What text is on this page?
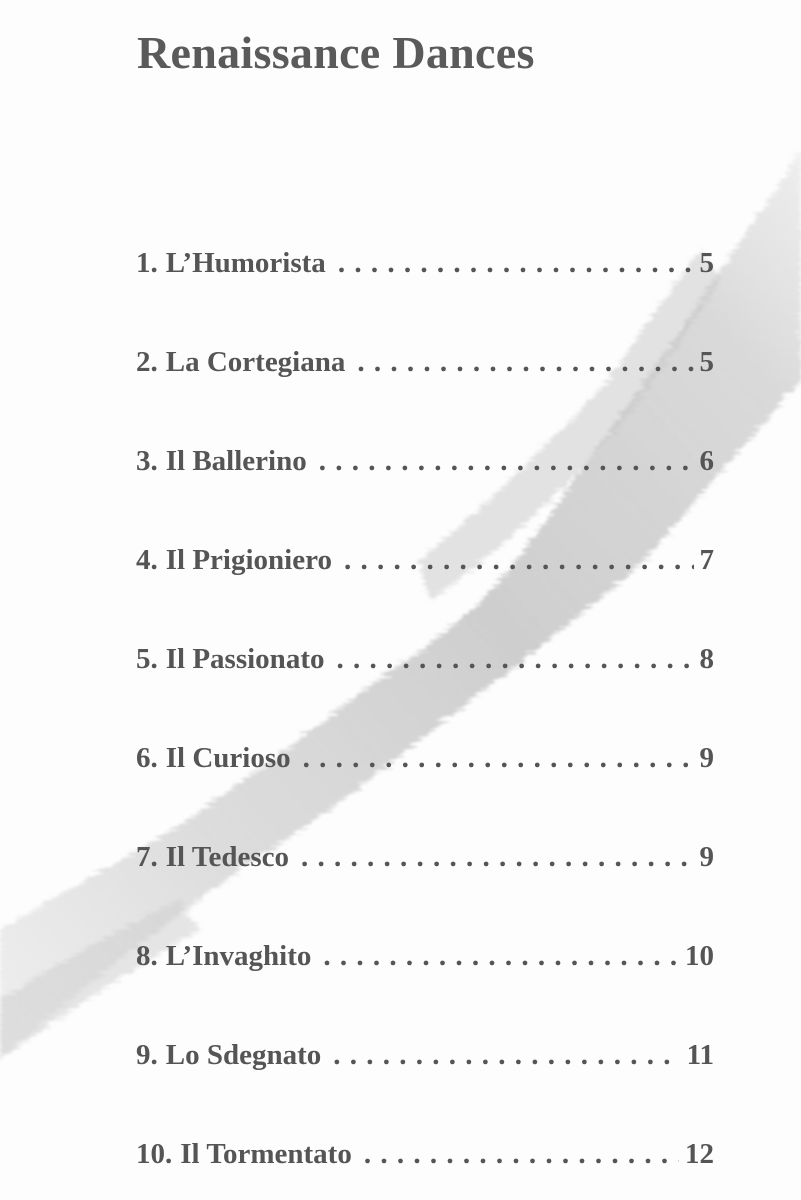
Renaissance Dances
1. L’Humorista . . .	5
2. La Cortegiana . . .	5
3. Il Ballerino . . .	6
4. Il Prigioniero . . .	7
5. Il Passionato . . .	8
6. Il Curioso . . .	9
7. Il Tedesco . . .	9
8. L’Invaghito . . .	10
9. Lo Sdegnato . . .	11
10. Il Tormentato . . .	12
